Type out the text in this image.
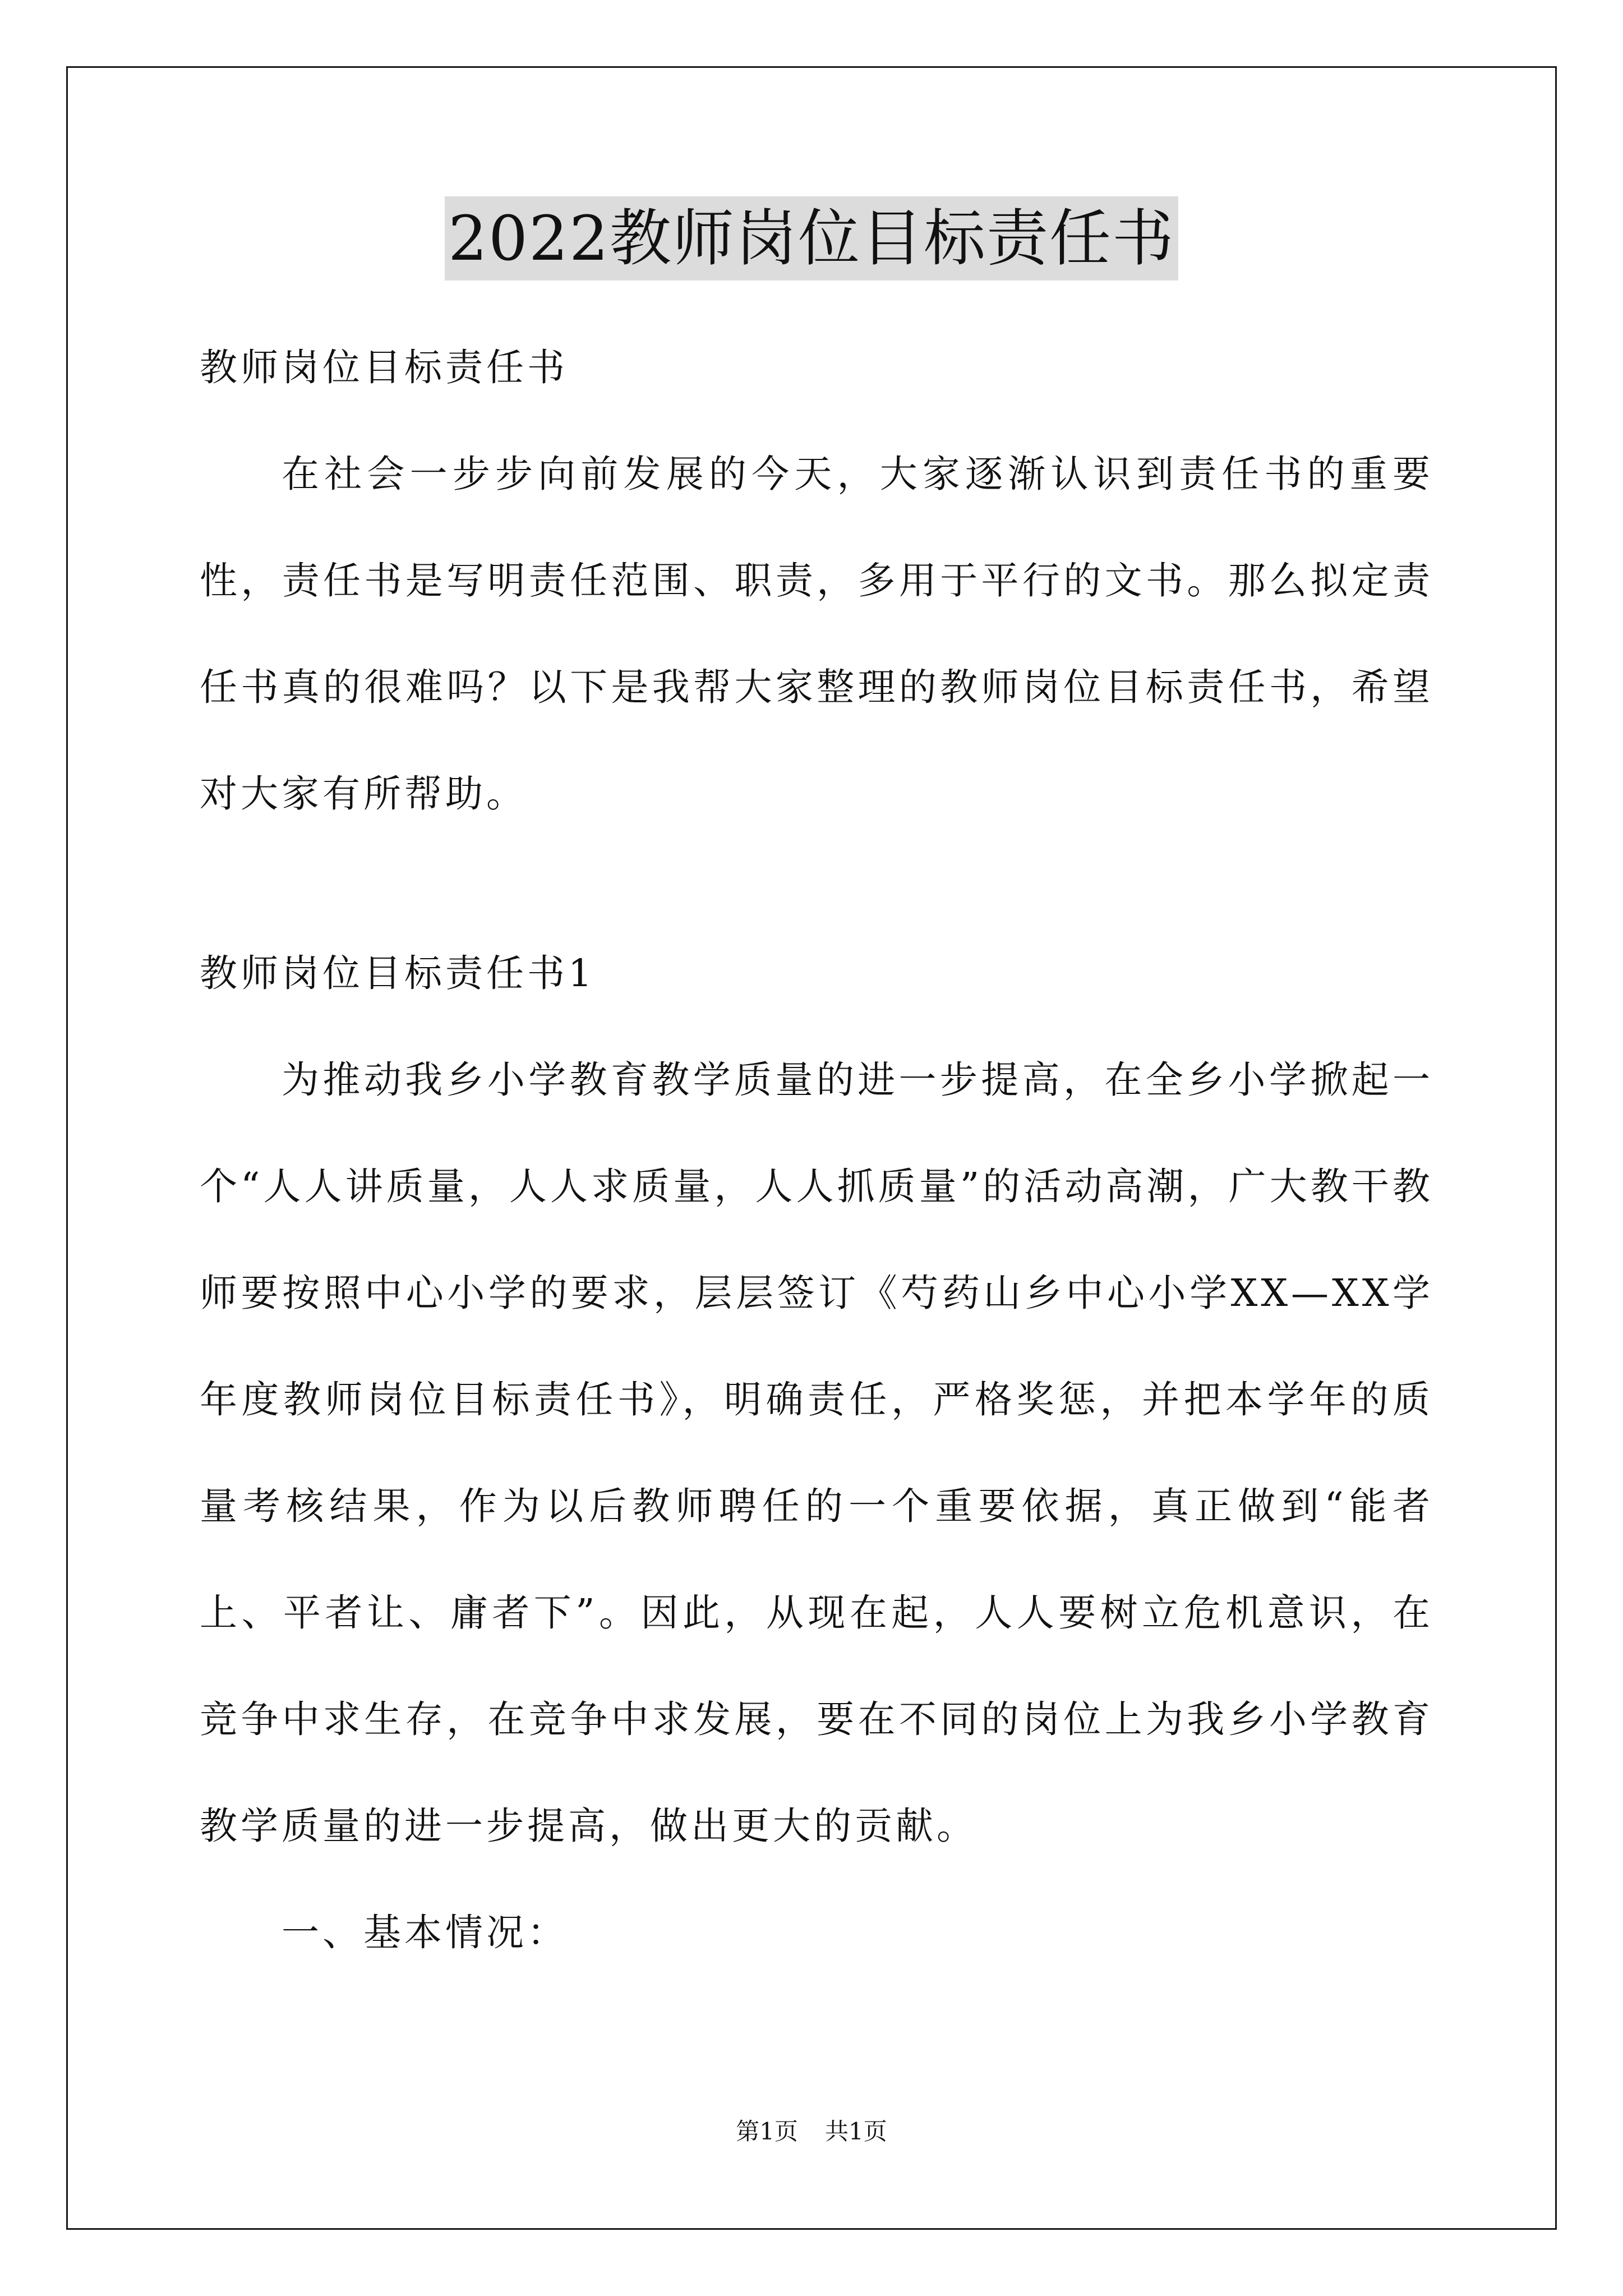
2022教师岗位目标责任书

教师岗位目标责任书

在社会一步步向前发展的今天，大家逐渐认识到责任书的重要性，责任书是写明责任范围、职责，多用于平行的文书。那么拟定责任书真的很难吗？以下是我帮大家整理的教师岗位目标责任书，希望对大家有所帮助。

教师岗位目标责任书1

为推动我乡小学教育教学质量的进一步提高，在全乡小学掀起一个“人人讲质量，人人求质量，人人抓质量”的活动高潮，广大教干教师要按照中心小学的要求，层层签订《芍药山乡中心小学XX—XX学年度教师岗位目标责任书》，明确责任，严格奖惩，并把本学年的质量考核结果，作为以后教师聘任的一个重要依据，真正做到“能者上、平者让、庸者下”。因此，从现在起，人人要树立危机意识，在竞争中求生存，在竞争中求发展，要在不同的岗位上为我乡小学教育教学质量的进一步提高，做出更大的贡献。

一、基本情况：

第1页 共1页
